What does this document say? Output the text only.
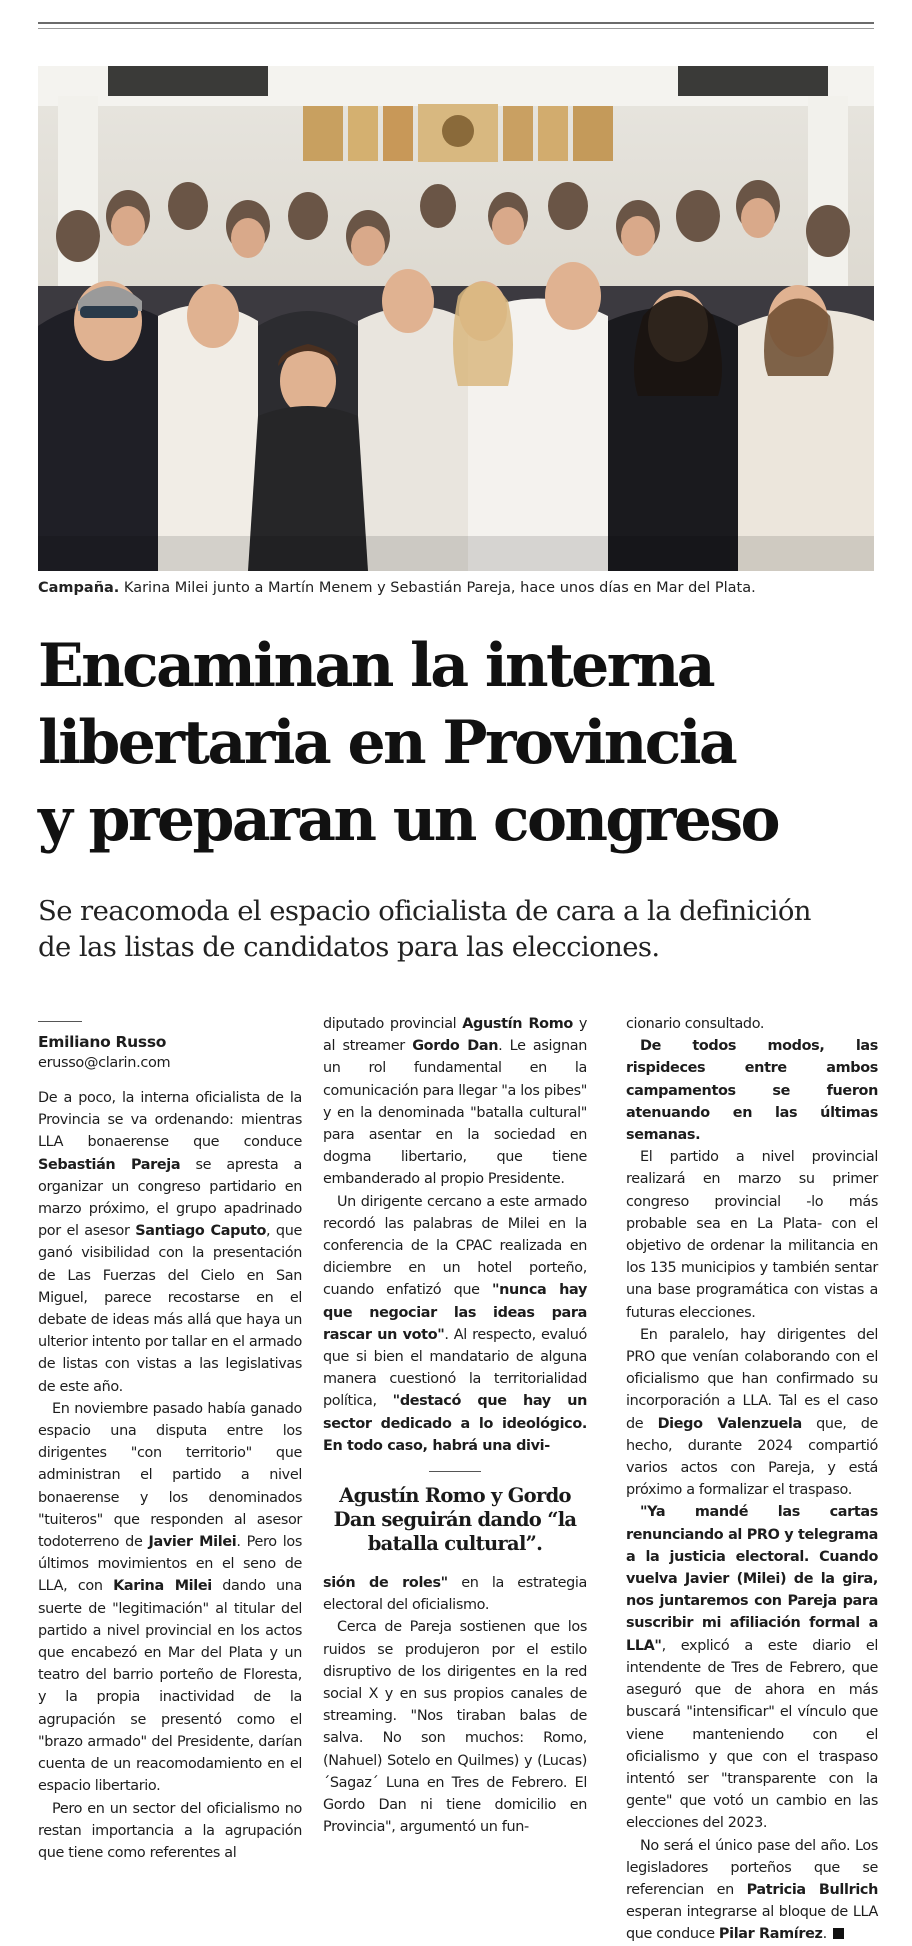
Campaña. Karina Milei junto a Martín Menem y Sebastián Pareja, hace unos días en Mar del Plata.
Encaminan la interna
libertaria en Provincia
y preparan un congreso
Se reacomoda el espacio oficialista de cara a la definición
de las listas de candidatos para las elecciones.
Emiliano Russo
erusso@clarin.com

De a poco, la interna oficialista de la Provincia se va ordenando: mientras LLA bonaerense que conduce Sebastián Pareja se apresta a organizar un congreso partidario en marzo próximo, el grupo apadrinado por el asesor Santiago Caputo, que ganó visibilidad con la presentación de Las Fuerzas del Cielo en San Miguel, parece recostarse en el debate de ideas más allá que haya un ulterior intento por tallar en el armado de listas con vistas a las legislativas de este año.

En noviembre pasado había ganado espacio una disputa entre los dirigentes "con territorio" que administran el partido a nivel bonaerense y los denominados "tuiteros" que responden al asesor todoterreno de Javier Milei. Pero los últimos movimientos en el seno de LLA, con Karina Milei dando una suerte de "legitimación" al titular del partido a nivel provincial en los actos que encabezó en Mar del Plata y un teatro del barrio porteño de Floresta, y la propia inactividad de la agrupación se presentó como el "brazo armado" del Presidente, darían cuenta de un reacomodamiento en el espacio libertario.

Pero en un sector del oficialismo no restan importancia a la agrupación que tiene como referentes al

diputado provincial Agustín Romo y al streamer Gordo Dan. Le asignan un rol fundamental en la comunicación para llegar "a los pibes" y en la denominada "batalla cultural" para asentar en la sociedad en dogma libertario, que tiene embanderado al propio Presidente.

Un dirigente cercano a este armado recordó las palabras de Milei en la conferencia de la CPAC realizada en diciembre en un hotel porteño, cuando enfatizó que "nunca hay que negociar las ideas para rascar un voto". Al respecto, evaluó que si bien el mandatario de alguna manera cuestionó la territorialidad política, "destacó que hay un sector dedicado a lo ideológico. En todo caso, habrá una divi-

Agustín Romo y Gordo Dan seguirán dando “la batalla cultural”.

sión de roles" en la estrategia electoral del oficialismo.

Cerca de Pareja sostienen que los ruidos se produjeron por el estilo disruptivo de los dirigentes en la red social X y en sus propios canales de streaming. "Nos tiraban balas de salva. No son muchos: Romo, (Nahuel) Sotelo en Quilmes) y (Lucas) ´Sagaz´ Luna en Tres de Febrero. El Gordo Dan ni tiene domicilio en Provincia", argumentó un fun-

cionario consultado.

De todos modos, las rispideces entre ambos campamentos se fueron atenuando en las últimas semanas.

El partido a nivel provincial realizará en marzo su primer congreso provincial -lo más probable sea en La Plata- con el objetivo de ordenar la militancia en los 135 municipios y también sentar una base programática con vistas a futuras elecciones.

En paralelo, hay dirigentes del PRO que venían colaborando con el oficialismo que han confirmado su incorporación a LLA. Tal es el caso de Diego Valenzuela que, de hecho, durante 2024 compartió varios actos con Pareja, y está próximo a formalizar el traspaso.

"Ya mandé las cartas renunciando al PRO y telegrama a la justicia electoral. Cuando vuelva Javier (Milei) de la gira, nos juntaremos con Pareja para suscribir mi afiliación formal a LLA", explicó a este diario el intendente de Tres de Febrero, que aseguró que de ahora en más buscará "intensificar" el vínculo que viene manteniendo con el oficialismo y que con el traspaso intentó ser "transparente con la gente" que votó un cambio en las elecciones del 2023.

No será el único pase del año. Los legisladores porteños que se referencian en Patricia Bullrich esperan integrarse al bloque de LLA que conduce Pilar Ramírez.
